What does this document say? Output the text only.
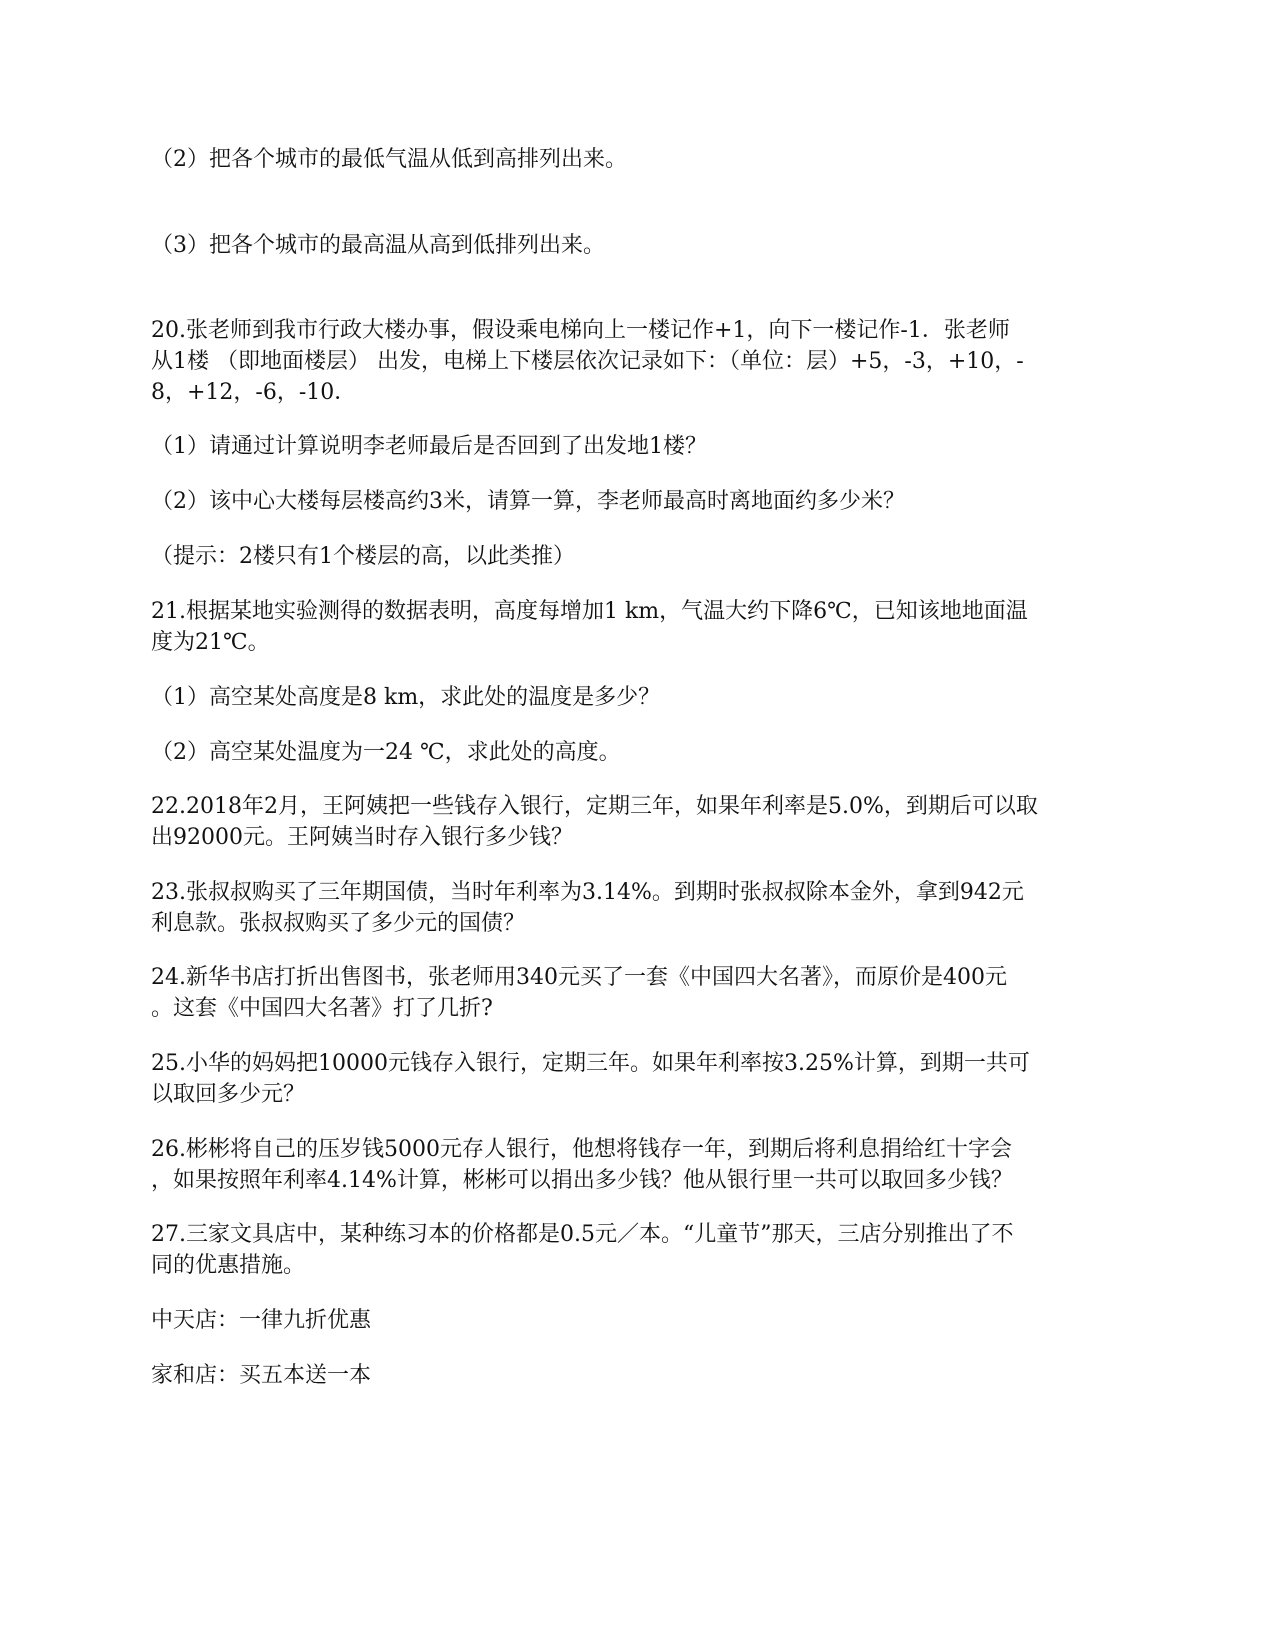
（2）把各个城市的最低气温从低到高排列出来。
（3）把各个城市的最高温从高到低排列出来。
20.张老师到我市行政大楼办事，假设乘电梯向上一楼记作+1，向下一楼记作-1．张老师
从1楼 （即地面楼层） 出发，电梯上下楼层依次记录如下：（单位：层）+5，-3，+10，-
8，+12，-6，-10．
（1）请通过计算说明李老师最后是否回到了出发地1楼？
（2）该中心大楼每层楼高约3米，请算一算，李老师最高时离地面约多少米？
（提示：2楼只有1个楼层的高，以此类推）
21.根据某地实验测得的数据表明，高度每增加1 km，气温大约下降6℃，已知该地地面温
度为21℃。
（1）高空某处高度是8 km，求此处的温度是多少？
（2）高空某处温度为一24 ℃，求此处的高度。
22.2018年2月，王阿姨把一些钱存入银行，定期三年，如果年利率是5.0%，到期后可以取
出92000元。王阿姨当时存入银行多少钱？
23.张叔叔购买了三年期国债，当时年利率为3.14%。到期时张叔叔除本金外，拿到942元
利息款。张叔叔购买了多少元的国债？
24.新华书店打折出售图书，张老师用340元买了一套《中国四大名著》，而原价是400元
。这套《中国四大名著》打了几折?
25.小华的妈妈把10000元钱存入银行，定期三年。如果年利率按3.25%计算，到期一共可
以取回多少元？
26.彬彬将自己的压岁钱5000元存人银行，他想将钱存一年，到期后将利息捐给红十字会
，如果按照年利率4.14%计算，彬彬可以捐出多少钱？他从银行里一共可以取回多少钱？
27.三家文具店中，某种练习本的价格都是0.5元／本。“儿童节”那天，三店分别推出了不
同的优惠措施。
中天店：一律九折优惠
家和店：买五本送一本
